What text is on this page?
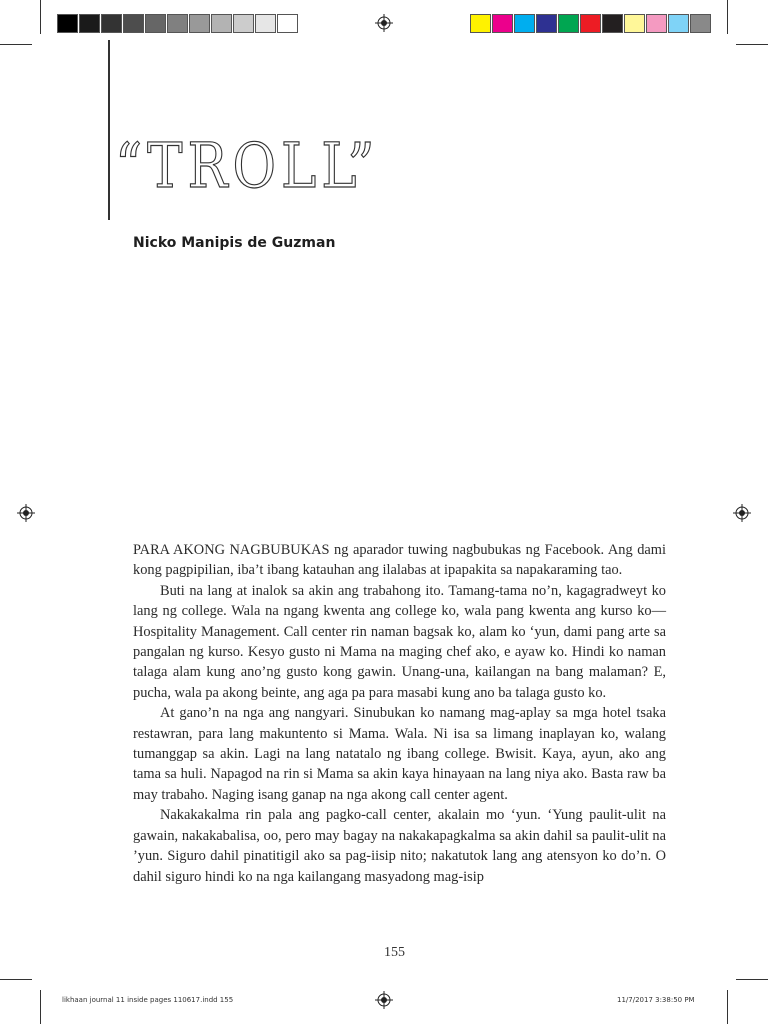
“TROLL”
Nicko Manipis de Guzman

PARA AKONG NAGBUBUKAS ng aparador tuwing nagbubukas ng Facebook. Ang dami kong pagpipilian, iba’t ibang katauhan ang ilalabas at ipapakita sa napakaraming tao.

Buti na lang at inalok sa akin ang trabahong ito. Tamang-tama no’n, kagagradweyt ko lang ng college. Wala na ngang kwenta ang college ko, wala pang kwenta ang kurso ko—Hospitality Management. Call center rin naman bagsak ko, alam ko ‘yun, dami pang arte sa pangalan ng kurso. Kesyo gusto ni Mama na maging chef ako, e ayaw ko. Hindi ko naman talaga alam kung ano’ng gusto kong gawin. Unang-una, kailangan na bang malaman? E, pucha, wala pa akong beinte, ang aga pa para masabi kung ano ba talaga gusto ko.

At gano’n na nga ang nangyari. Sinubukan ko namang mag-aplay sa mga hotel tsaka restawran, para lang makuntento si Mama. Wala. Ni isa sa limang inaplayan ko, walang tumanggap sa akin. Lagi na lang natatalo ng ibang college. Bwisit. Kaya, ayun, ako ang tama sa huli. Napagod na rin si Mama sa akin kaya hinayaan na lang niya ako. Basta raw ba may trabaho. Naging isang ganap na nga akong call center agent.

Nakakakalma rin pala ang pagko-call center, akalain mo ‘yun. ‘Yung paulit-ulit na gawain, nakakabalisa, oo, pero may bagay na nakakapagkalma sa akin dahil sa paulit-ulit na ’yun. Siguro dahil pinatitigil ako sa pag-iisip nito; nakatutok lang ang atensyon ko do’n. O dahil siguro hindi ko na nga kailangang masyadong mag-isip

155
likhaan journal 11 inside pages 110617.indd 155	11/7/2017 3:38:50 PM
